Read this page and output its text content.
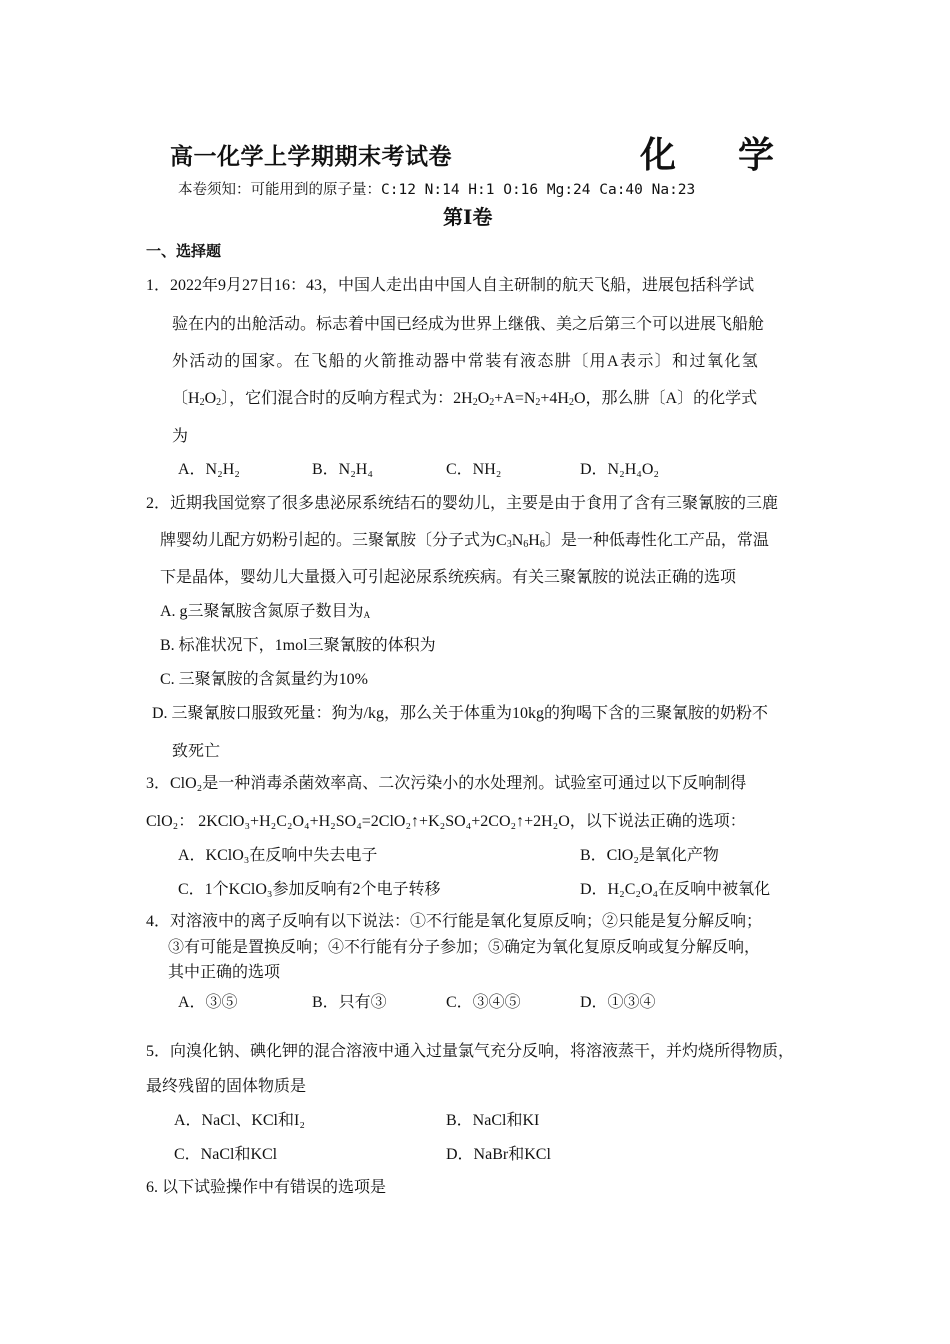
高一化学上学期期末考试卷	化学
本卷须知：可能用到的原子量：C:12 N:14 H:1 O:16 Mg:24 Ca:40 Na:23
第Ⅰ卷
一、选择题
1．2022年9月27日16：43，中国人走出由中国人自主研制的航天飞船，进展包括科学试
验在内的出舱活动。标志着中国已经成为世界上继俄、美之后第三个可以进展飞船舱
外活动的国家。在飞船的火箭推动器中常装有液态肼〔用A表示〕和过氧化氢
〔$H_2O_2$〕，它们混合时的反响方程式为：$2H_2O_2+A=N_2+4H_2O$，那么肼〔A〕的化学式
为
A．N₂H₂	B．N₂H₄	C．NH₂	D．N₂H₄O₂
2．近期我国觉察了很多患泌尿系统结石的婴幼儿，主要是由于食用了含有三聚氰胺的三鹿
牌婴幼儿配方奶粉引起的。三聚氰胺〔分子式为$C_3N_6H_6$〕是一种低毒性化工产品，常温
下是晶体，婴幼儿大量摄入可引起泌尿系统疾病。有关三聚氰胺的说法正确的选项
A. g三聚氰胺含氮原子数目为A
B. 标准状况下，1mol三聚氰胺的体积为
C. 三聚氰胺的含氮量约为10%
D. 三聚氰胺口服致死量：狗为/kg，那么关于体重为10kg的狗喝下含的三聚氰胺的奶粉不
致死亡
3．ClO₂是一种消毒杀菌效率高、二次污染小的水处理剂。试验室可通过以下反响制得
ClO₂： 2KClO₃+H₂C₂O₄+H₂SO₄=2ClO₂↑+K₂SO₄+2CO₂↑+2H₂O，以下说法正确的选项：
A．KClO₃在反响中失去电子	B．ClO₂是氧化产物
C．1个KClO₃参加反响有2个电子转移	D．H₂C₂O₄在反响中被氧化
4．对溶液中的离子反响有以下说法：①不行能是氧化复原反响；②只能是复分解反响；
③有可能是置换反响；④不行能有分子参加；⑤确定为氧化复原反响或复分解反响，
其中正确的选项
A．③⑤	B．只有③	C．③④⑤	D．①③④
5．向溴化钠、碘化钾的混合溶液中通入过量氯气充分反响，将溶液蒸干，并灼烧所得物质，
最终残留的固体物质是
A．NaCl、KCl和I₂	B．NaCl和KI
C．NaCl和KCl	D．NaBr和KCl
6. 以下试验操作中有错误的选项是
